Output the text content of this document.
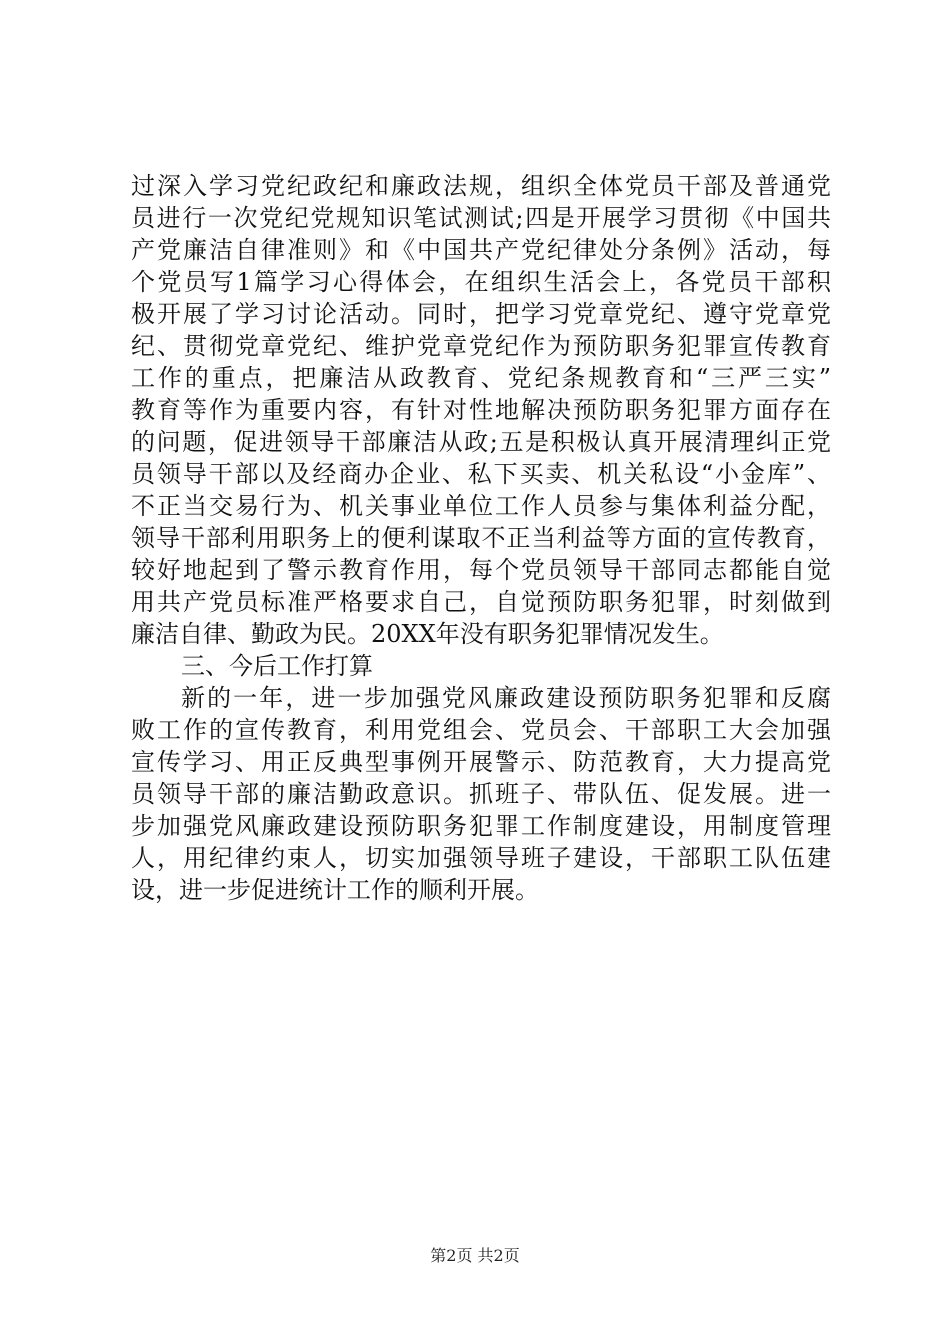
过深入学习党纪政纪和廉政法规，组织全体党员干部及普通党
员进行一次党纪党规知识笔试测试;四是开展学习贯彻《中国共
产党廉洁自律准则》和《中国共产党纪律处分条例》活动，每
个党员写1篇学习心得体会，在组织生活会上，各党员干部积
极开展了学习讨论活动。同时，把学习党章党纪、遵守党章党
纪、贯彻党章党纪、维护党章党纪作为预防职务犯罪宣传教育
工作的重点，把廉洁从政教育、党纪条规教育和“三严三实”
教育等作为重要内容，有针对性地解决预防职务犯罪方面存在
的问题，促进领导干部廉洁从政;五是积极认真开展清理纠正党
员领导干部以及经商办企业、私下买卖、机关私设“小金库”、
不正当交易行为、机关事业单位工作人员参与集体利益分配，
领导干部利用职务上的便利谋取不正当利益等方面的宣传教育，
较好地起到了警示教育作用，每个党员领导干部同志都能自觉
用共产党员标准严格要求自己，自觉预防职务犯罪，时刻做到
廉洁自律、勤政为民。20XX年没有职务犯罪情况发生。
三、今后工作打算
新的一年，进一步加强党风廉政建设预防职务犯罪和反腐
败工作的宣传教育，利用党组会、党员会、干部职工大会加强
宣传学习、用正反典型事例开展警示、防范教育，大力提高党
员领导干部的廉洁勤政意识。抓班子、带队伍、促发展。进一
步加强党风廉政建设预防职务犯罪工作制度建设，用制度管理
人，用纪律约束人，切实加强领导班子建设，干部职工队伍建
设，进一步促进统计工作的顺利开展。
第2页 共2页
